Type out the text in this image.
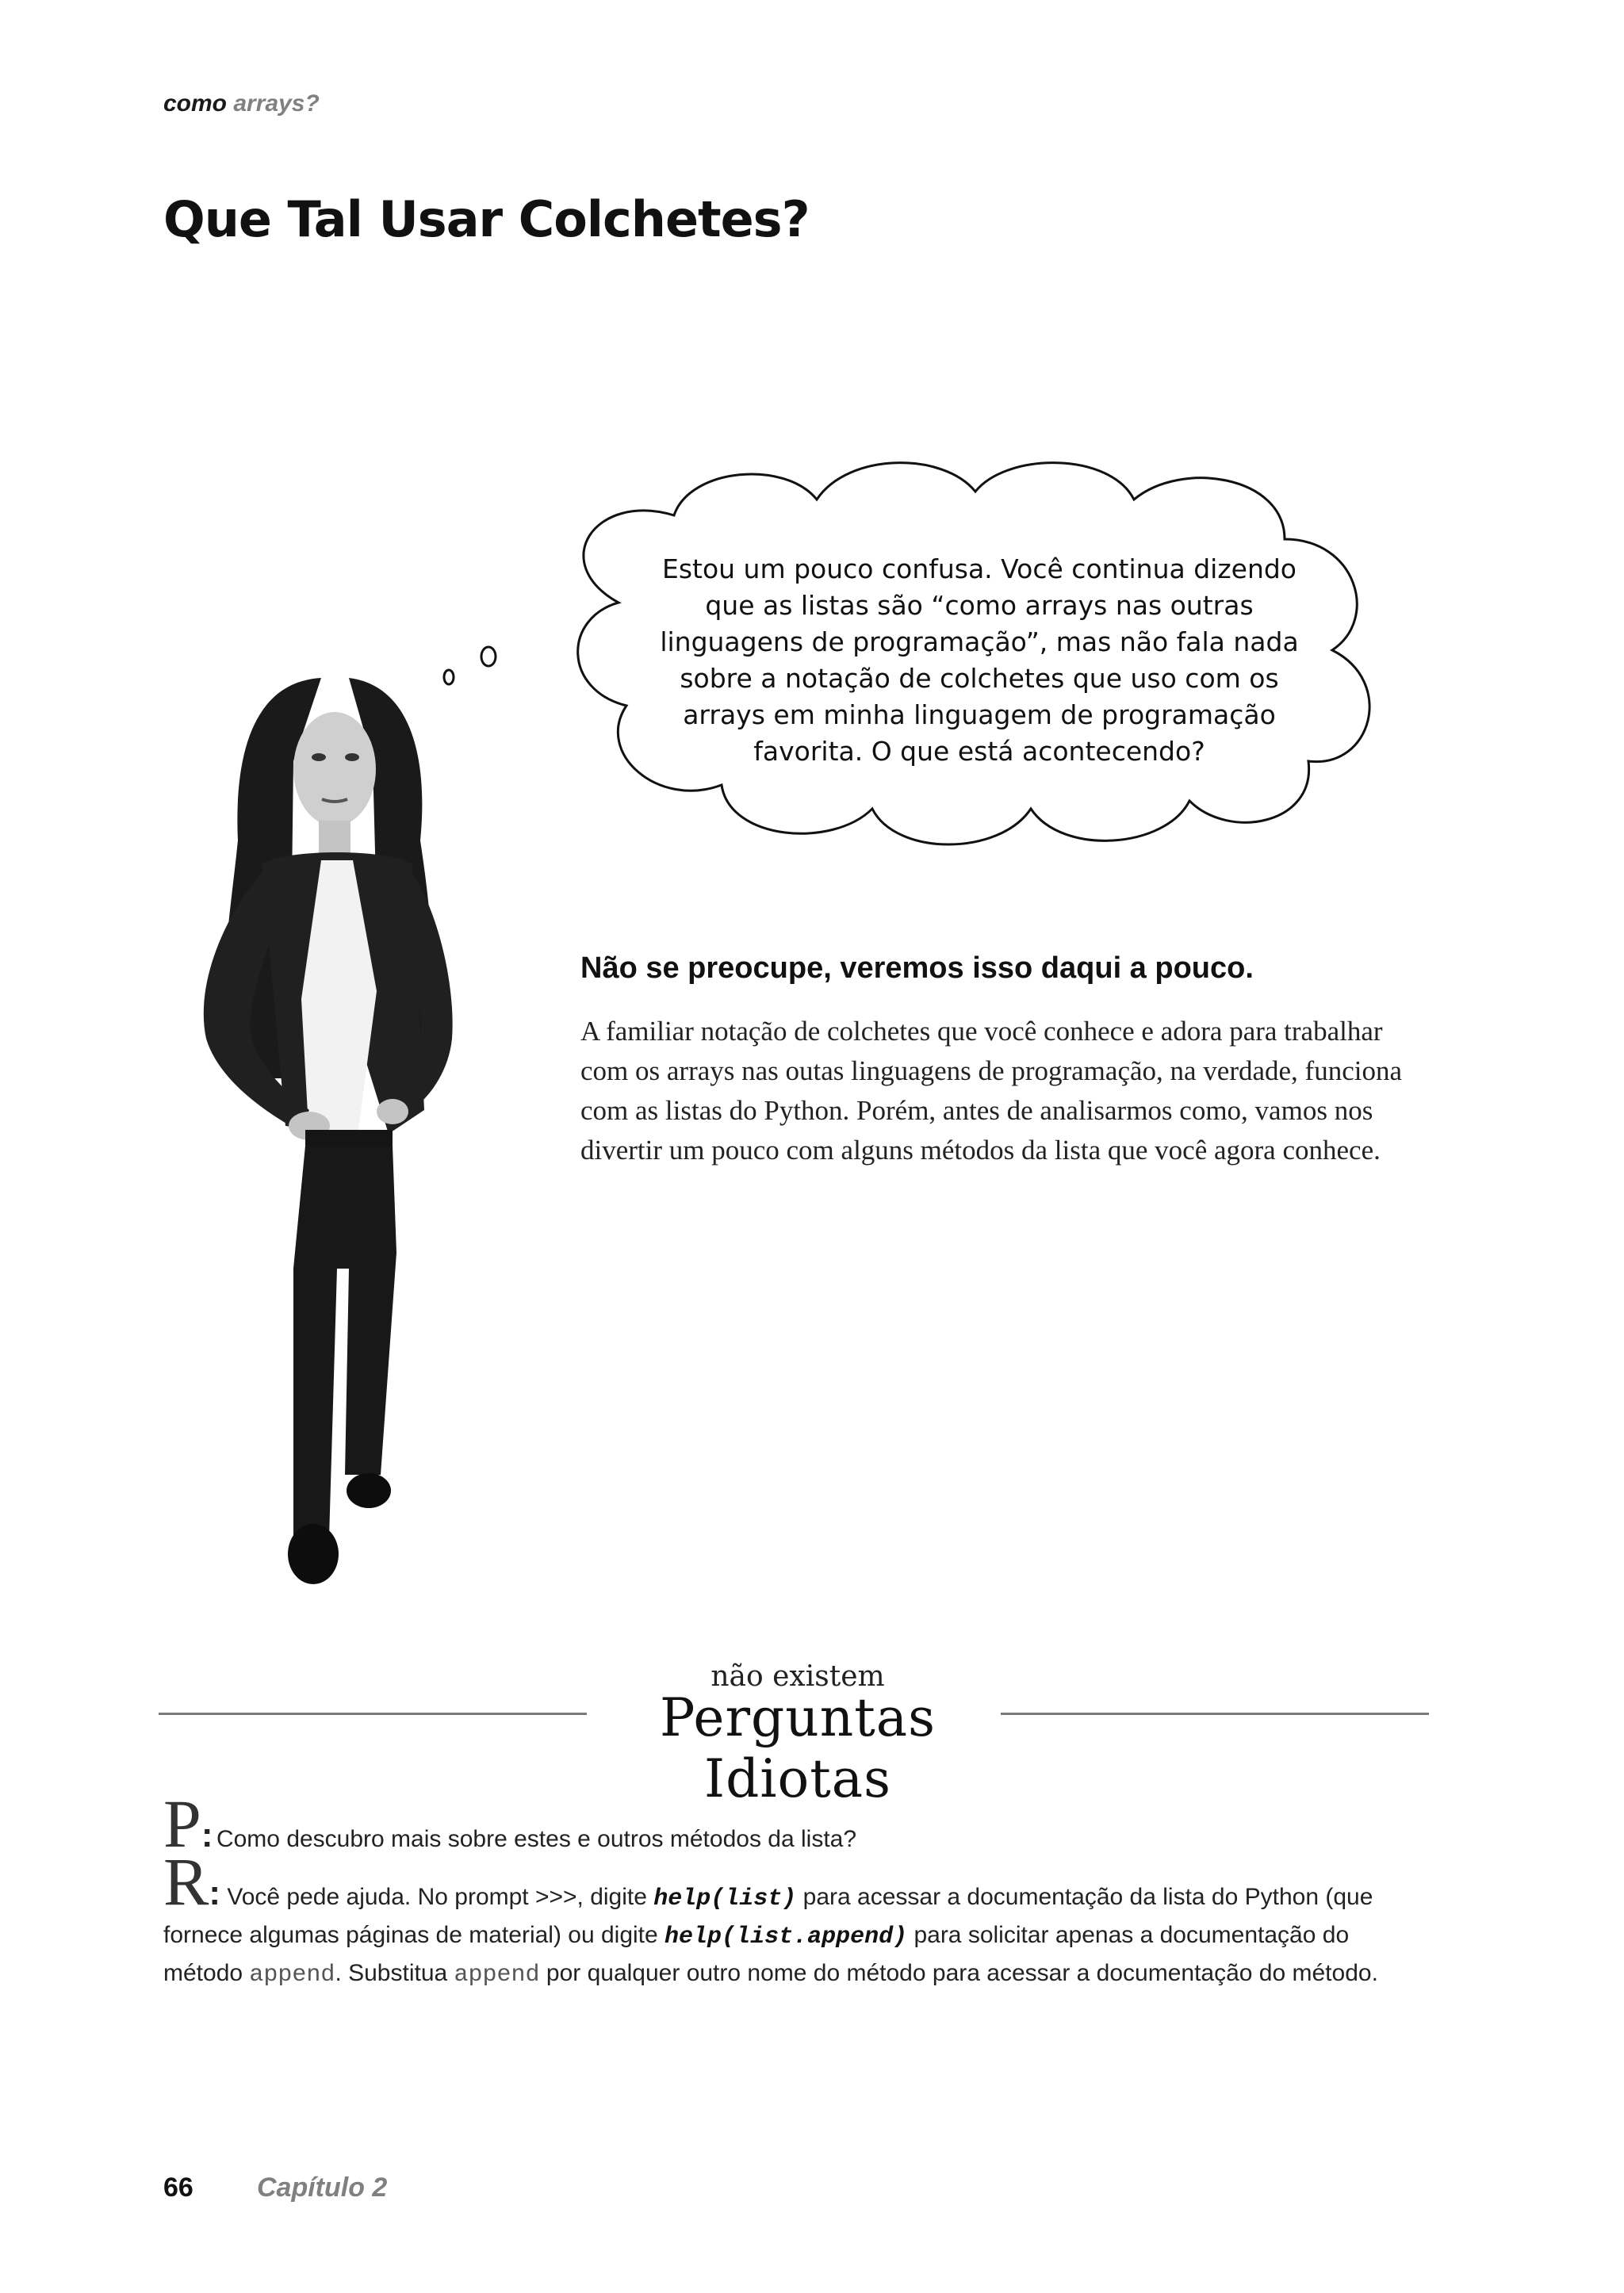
como arrays?
Que Tal Usar Colchetes?
Estou um pouco confusa. Você continua dizendo que as listas são “como arrays nas outras linguagens de programação”, mas não fala nada sobre a notação de colchetes que uso com os arrays em minha linguagem de programação favorita. O que está acontecendo?
Não se preocupe, veremos isso daqui a pouco.
A familiar notação de colchetes que você conhece e adora para trabalhar com os arrays nas outas linguagens de programação, na verdade, funciona com as listas do Python. Porém, antes de analisarmos como, vamos nos divertir um pouco com alguns métodos da lista que você agora conhece.
não existem
Perguntas Idiotas
P: Como descubro mais sobre estes e outros métodos da lista?
R: Você pede ajuda. No prompt >>>, digite help(list) para acessar a documentação da lista do Python (que fornece algumas páginas de material) ou digite help(list.append) para solicitar apenas a documentação do método append. Substitua append por qualquer outro nome do método para acessar a documentação do método.
66 Capítulo 2
